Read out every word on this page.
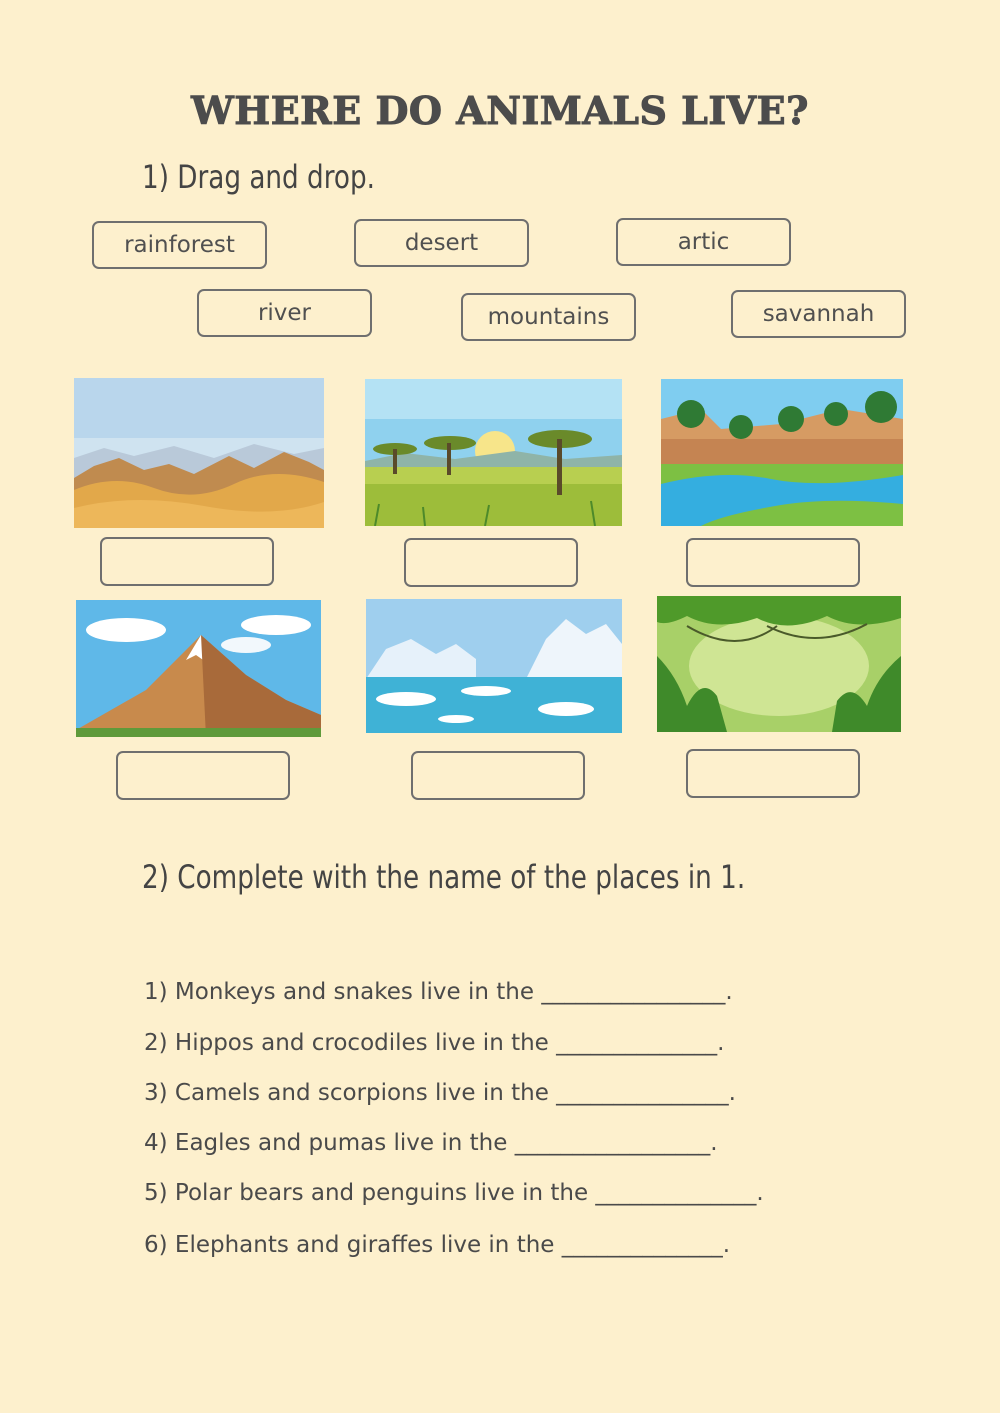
WHERE DO ANIMALS LIVE?
1) Drag and drop.
rainforest	desert	artic
river	mountains	savannah
2) Complete with the name of the places in 1.
1) Monkeys and snakes live in the ________________.
2) Hippos and crocodiles live in the ______________.
3) Camels and scorpions live in the _______________.
4) Eagles and pumas live in the _________________.
5) Polar bears and penguins live in the ______________.
6) Elephants and giraffes live in the ______________.
